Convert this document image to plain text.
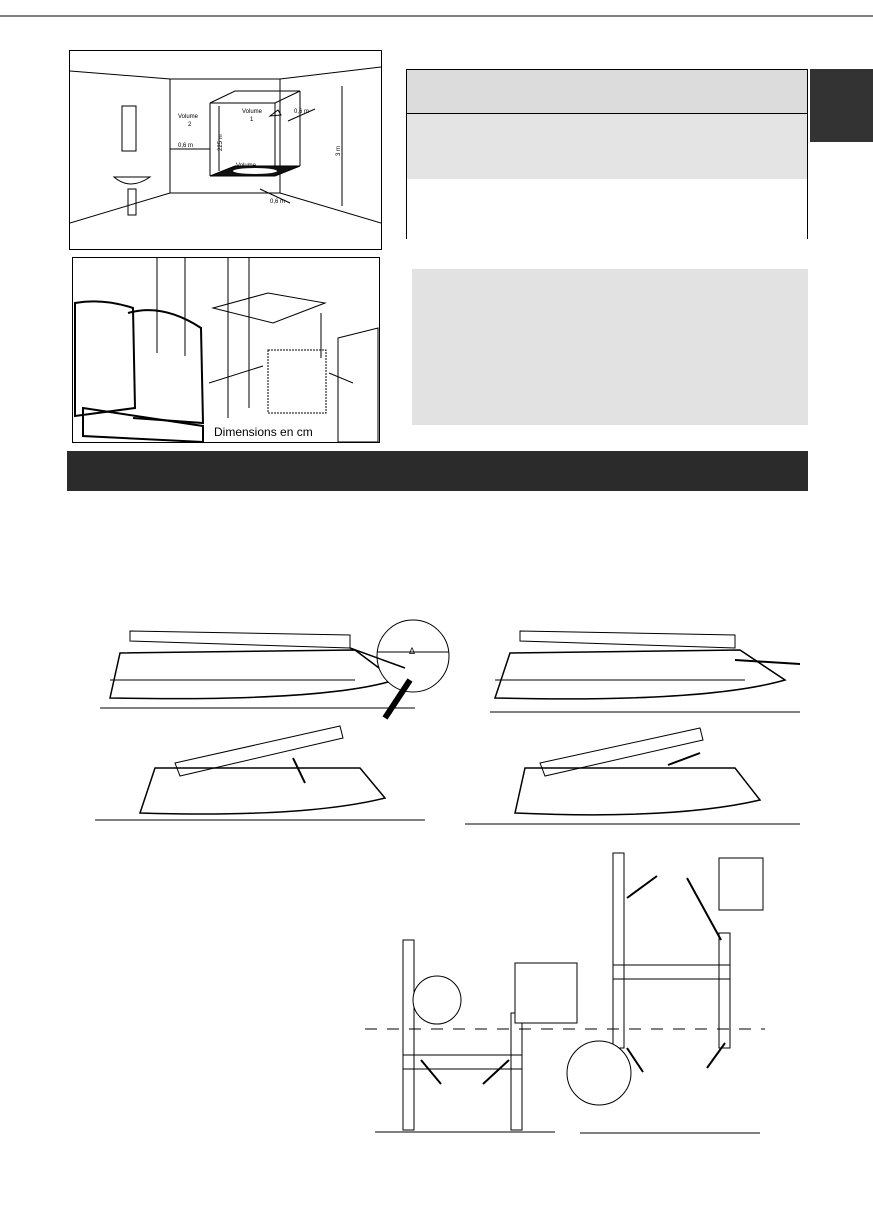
Volume
2
Volume
1
Volume
0,6 m
0,6 m
0,6 m
225 m	3 m
Dimensions en cm
Δ
